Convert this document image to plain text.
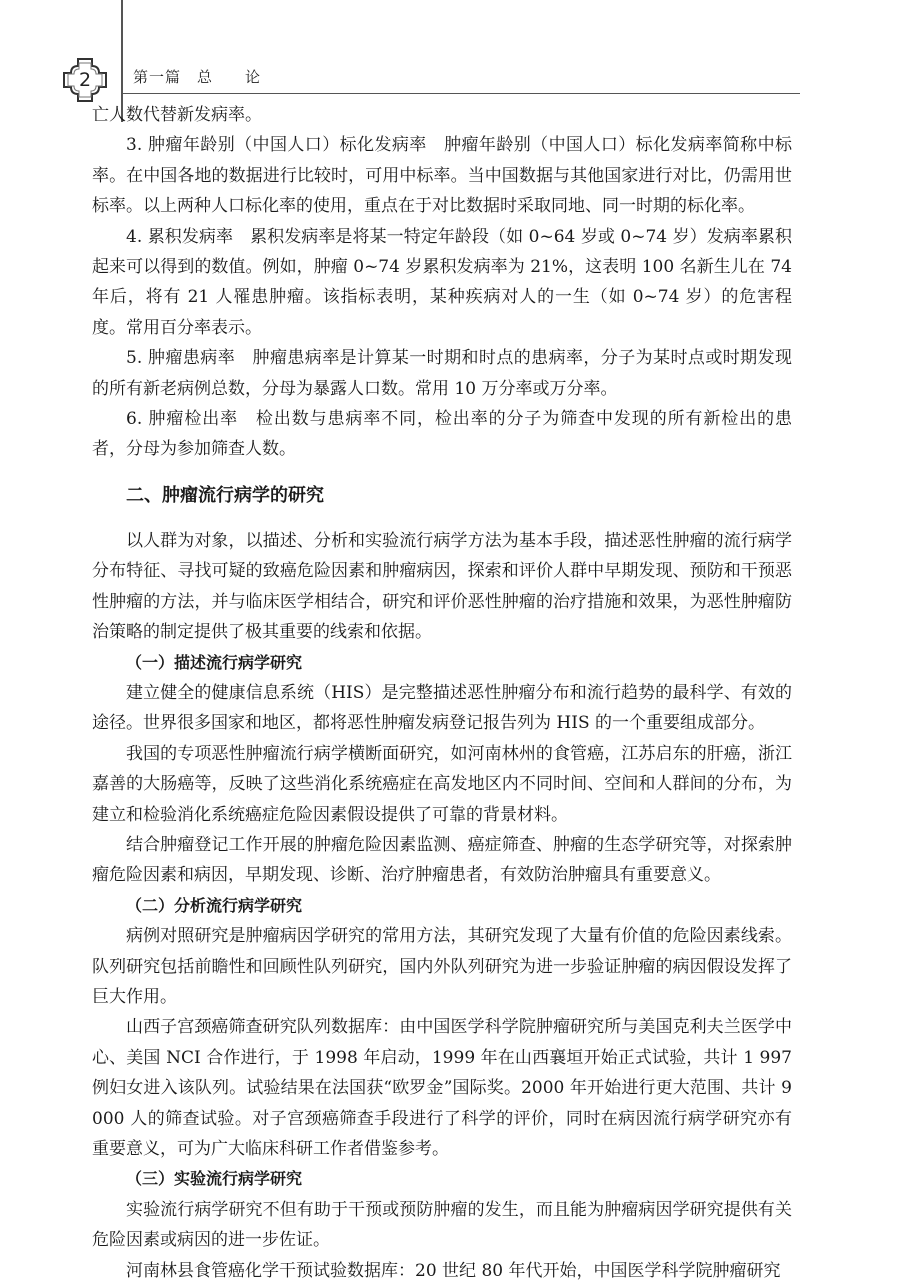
2	第一篇　总　　论

亡人数代替新发病率。

3. 肿瘤年龄别（中国人口）标化发病率　肿瘤年龄别（中国人口）标化发病率简称中标率。在中国各地的数据进行比较时，可用中标率。当中国数据与其他国家进行对比，仍需用世标率。以上两种人口标化率的使用，重点在于对比数据时采取同地、同一时期的标化率。

4. 累积发病率　累积发病率是将某一特定年龄段（如 0~64 岁或 0~74 岁）发病率累积起来可以得到的数值。例如，肿瘤 0~74 岁累积发病率为 21%，这表明 100 名新生儿在 74 年后，将有 21 人罹患肿瘤。该指标表明，某种疾病对人的一生（如 0~74 岁）的危害程度。常用百分率表示。

5. 肿瘤患病率　肿瘤患病率是计算某一时期和时点的患病率，分子为某时点或时期发现的所有新老病例总数，分母为暴露人口数。常用 10 万分率或万分率。

6. 肿瘤检出率　检出数与患病率不同，检出率的分子为筛查中发现的所有新检出的患者，分母为参加筛查人数。

二、肿瘤流行病学的研究

以人群为对象，以描述、分析和实验流行病学方法为基本手段，描述恶性肿瘤的流行病学分布特征、寻找可疑的致癌危险因素和肿瘤病因，探索和评价人群中早期发现、预防和干预恶性肿瘤的方法，并与临床医学相结合，研究和评价恶性肿瘤的治疗措施和效果，为恶性肿瘤防治策略的制定提供了极其重要的线索和依据。

（一）描述流行病学研究

建立健全的健康信息系统（HIS）是完整描述恶性肿瘤分布和流行趋势的最科学、有效的途径。世界很多国家和地区，都将恶性肿瘤发病登记报告列为 HIS 的一个重要组成部分。

我国的专项恶性肿瘤流行病学横断面研究，如河南林州的食管癌，江苏启东的肝癌，浙江嘉善的大肠癌等，反映了这些消化系统癌症在高发地区内不同时间、空间和人群间的分布，为建立和检验消化系统癌症危险因素假设提供了可靠的背景材料。

结合肿瘤登记工作开展的肿瘤危险因素监测、癌症筛查、肿瘤的生态学研究等，对探索肿瘤危险因素和病因，早期发现、诊断、治疗肿瘤患者，有效防治肿瘤具有重要意义。

（二）分析流行病学研究

病例对照研究是肿瘤病因学研究的常用方法，其研究发现了大量有价值的危险因素线索。队列研究包括前瞻性和回顾性队列研究，国内外队列研究为进一步验证肿瘤的病因假设发挥了巨大作用。

山西子宫颈癌筛查研究队列数据库：由中国医学科学院肿瘤研究所与美国克利夫兰医学中心、美国 NCI 合作进行，于 1998 年启动，1999 年在山西襄垣开始正式试验，共计 1 997 例妇女进入该队列。试验结果在法国获“欧罗金”国际奖。2000 年开始进行更大范围、共计 9 000 人的筛查试验。对子宫颈癌筛查手段进行了科学的评价，同时在病因流行病学研究亦有重要意义，可为广大临床科研工作者借鉴参考。

（三）实验流行病学研究

实验流行病学研究不但有助于干预或预防肿瘤的发生，而且能为肿瘤病因学研究提供有关危险因素或病因的进一步佐证。

河南林县食管癌化学干预试验数据库：20 世纪 80 年代开始，中国医学科学院肿瘤研究
